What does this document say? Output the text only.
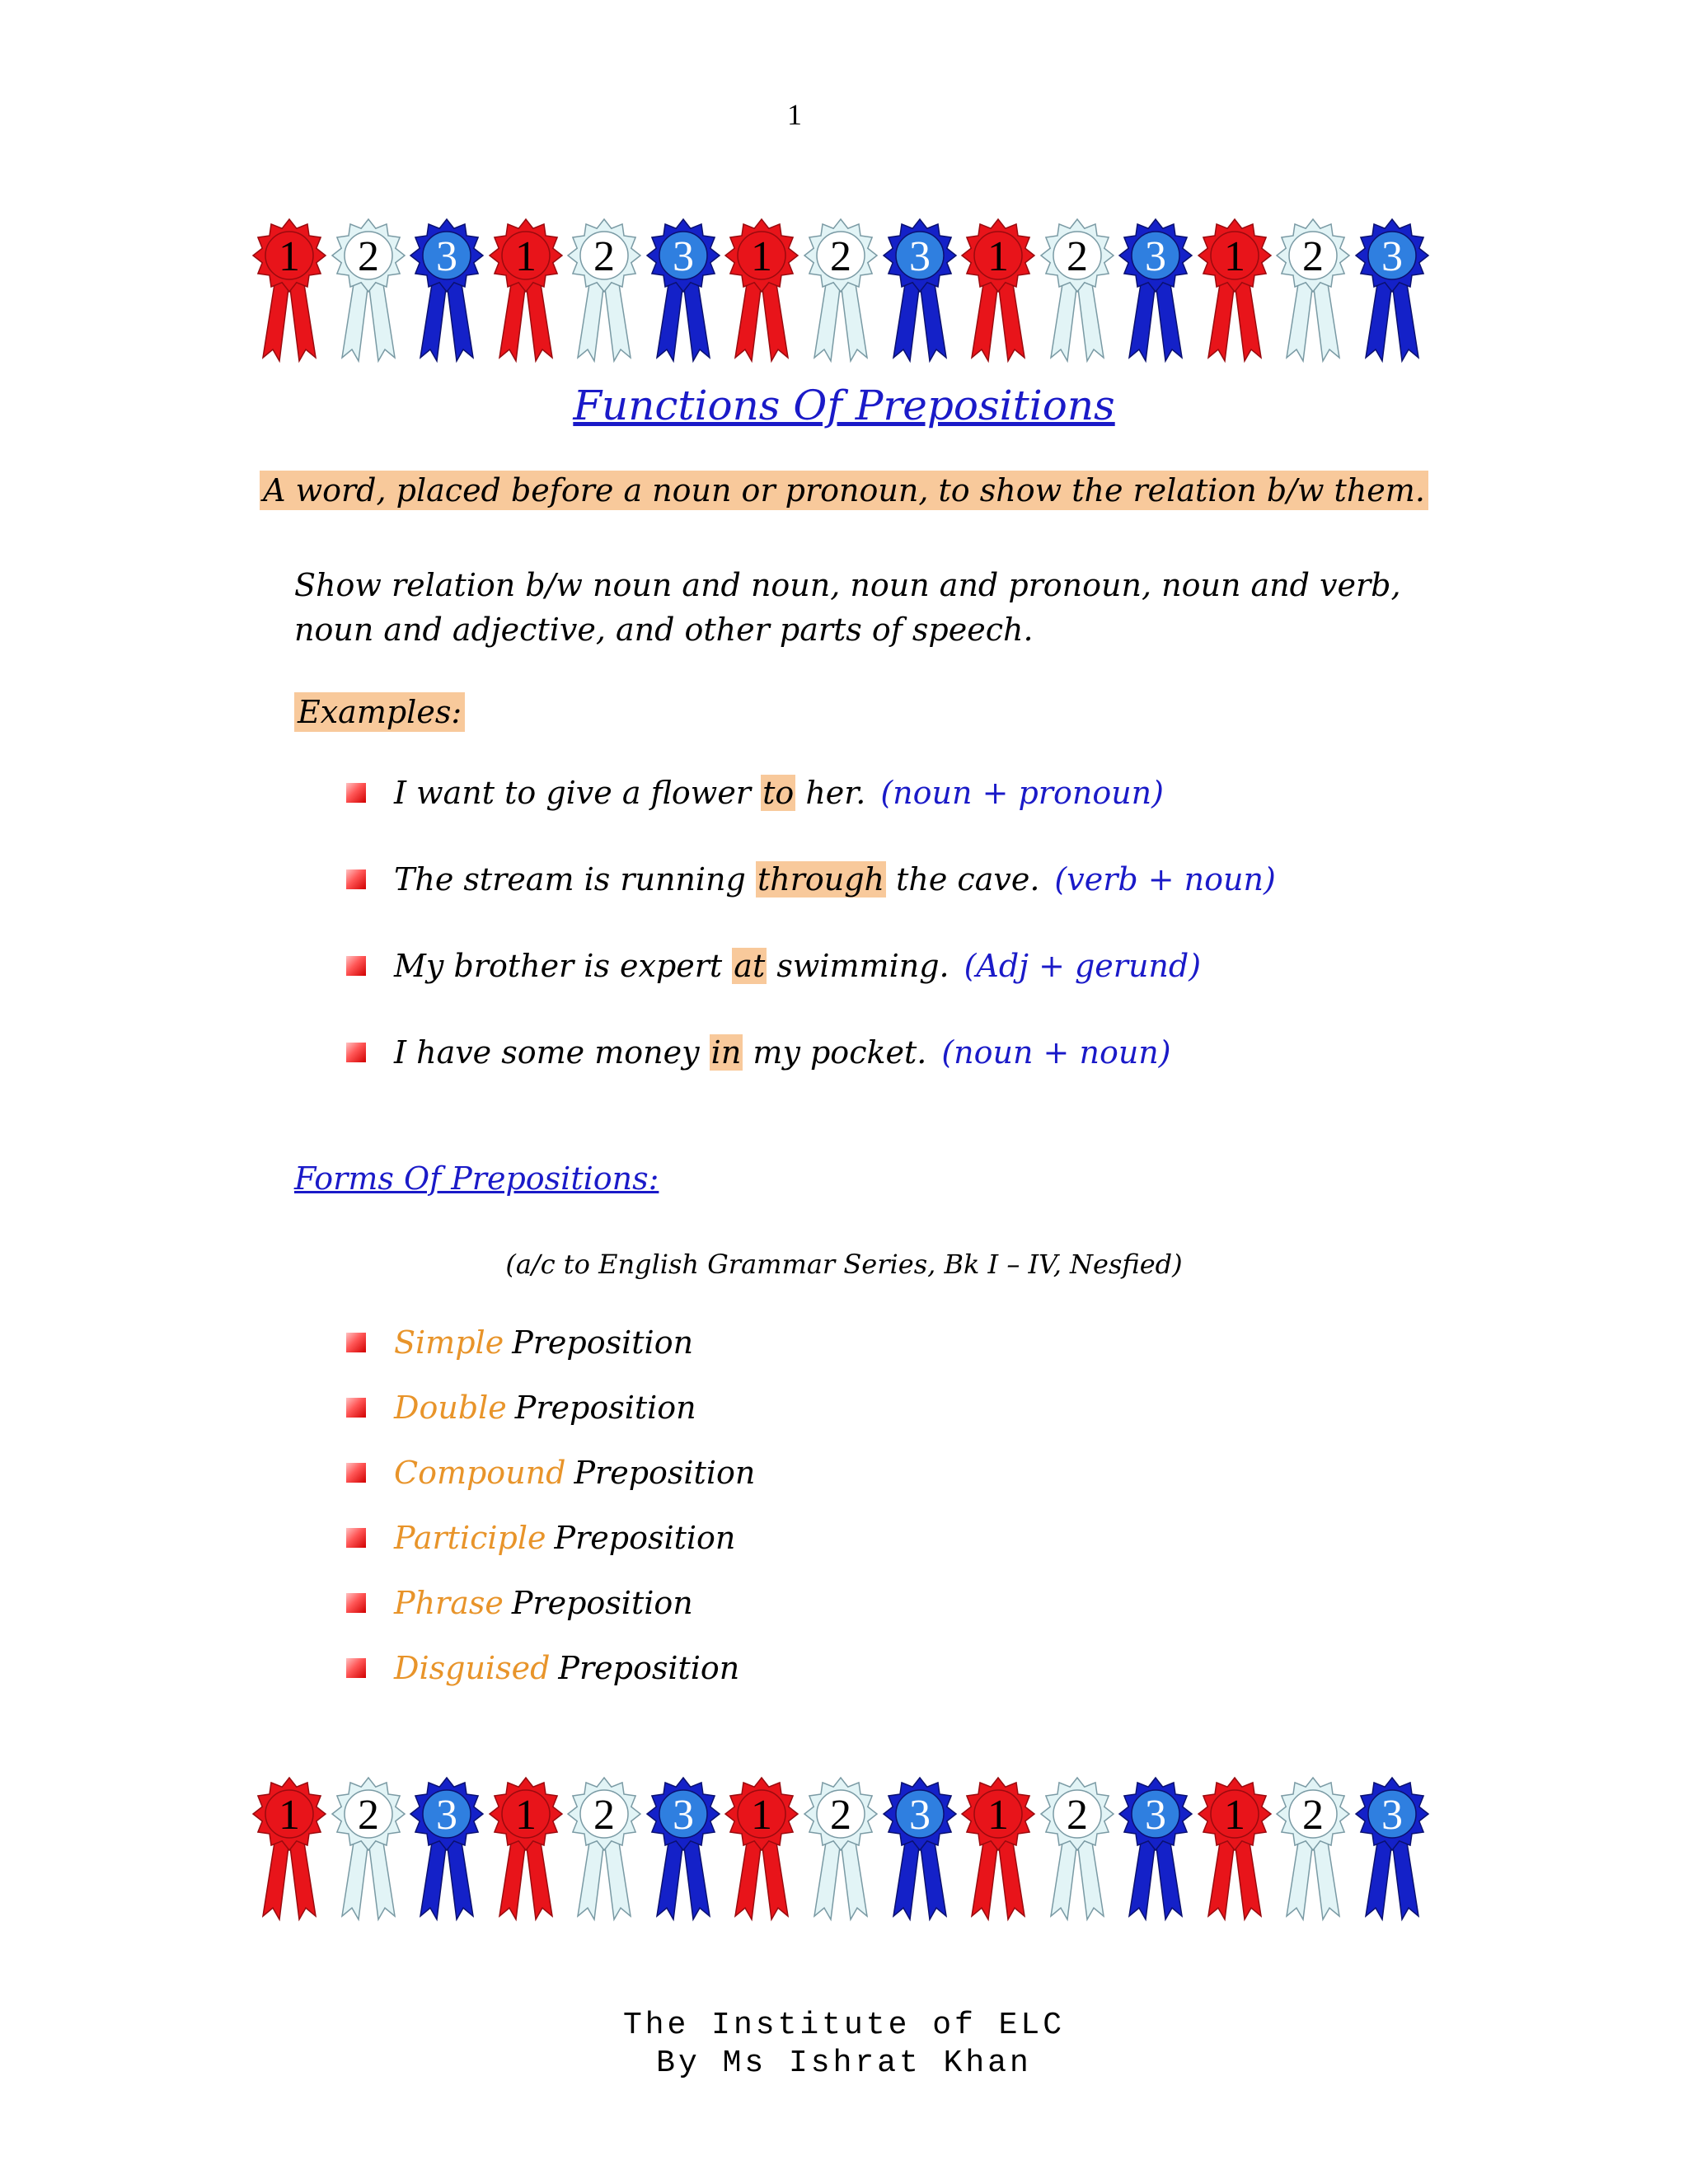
1
1 2 3 1 2 3 1 2 3 1 2 3 1 2 3
Functions Of Prepositions
A word, placed before a noun or pronoun, to show the relation b/w them.
Show relation b/w noun and noun, noun and pronoun, noun and verb, noun and adjective, and other parts of speech.
Examples:
I want to give a flower to her. (noun + pronoun)
The stream is running through the cave. (verb + noun)
My brother is expert at swimming. (Adj + gerund)
I have some money in my pocket. (noun + noun)
Forms Of Prepositions:
(a/c to English Grammar Series, Bk I – IV, Nesfied)
Simple Preposition
Double Preposition
Compound Preposition
Participle Preposition
Phrase Preposition
Disguised Preposition
1 2 3 1 2 3 1 2 3 1 2 3 1 2 3
The Institute of ELC
By Ms Ishrat Khan
